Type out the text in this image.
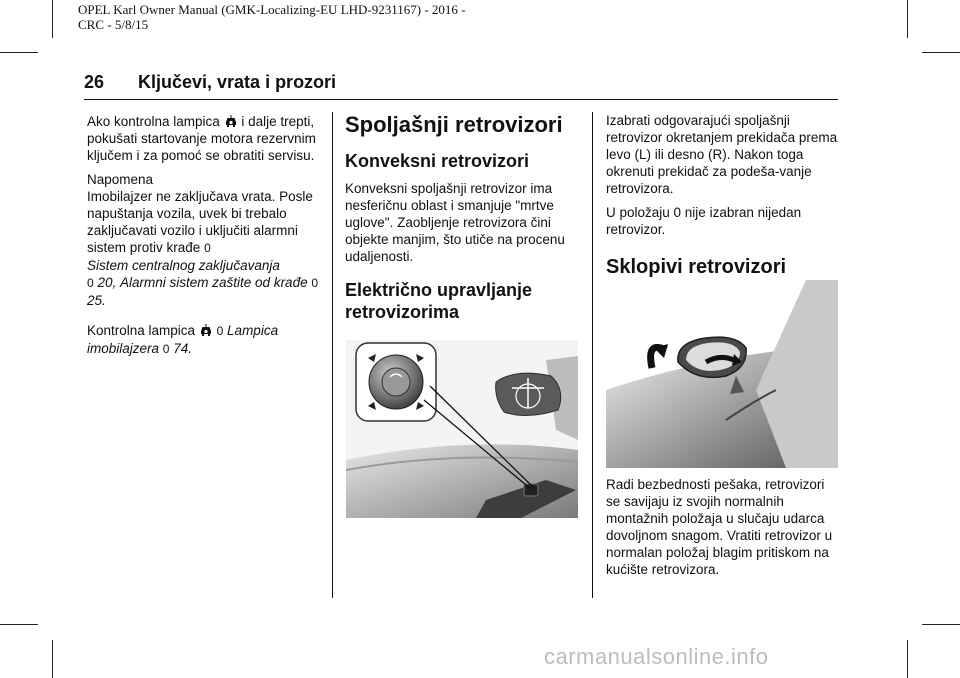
OPEL Karl Owner Manual (GMK-Localizing-EU LHD-9231167) - 2016 -
CRC - 5/8/15
26 Ključevi, vrata i prozori

Ako kontrolna lampica i dalje trepti, pokušati startovanje motora rezervnim ključem i za pomoć se obratiti servisu.

Napomena

Imobilajzer ne zaključava vrata. Posle napuštanja vozila, uvek bi trebalo zaključavati vozilo i uključiti alarmni sistem protiv krađe 0
Sistem centralnog zaključavanja
0 20, Alarmni sistem zaštite od krađe 0 25.

Kontrolna lampica 0 Lampica imobilajzera 0 74.

Spoljašnji retrovizori
Konveksni retrovizori

Konveksni spoljašnji retrovizor ima nesferičnu oblast i smanjuje "mrtve uglove". Zaobljenje retrovizora čini objekte manjim, što utiče na procenu udaljenosti.

Električno upravljanje retrovizorima

Izabrati odgovarajući spoljašnji retrovizor okretanjem prekidača prema levo (L) ili desno (R). Nakon toga okrenuti prekidač za podeša-vanje retrovizora.

U položaju 0 nije izabran nijedan retrovizor.

Sklopivi retrovizori

Radi bezbednosti pešaka, retrovizori se savijaju iz svojih normalnih montažnih položaja u slučaju udarca dovoljnom snagom. Vratiti retrovizor u normalan položaj blagim pritiskom na kućište retrovizora.

carmanualsonline.info
